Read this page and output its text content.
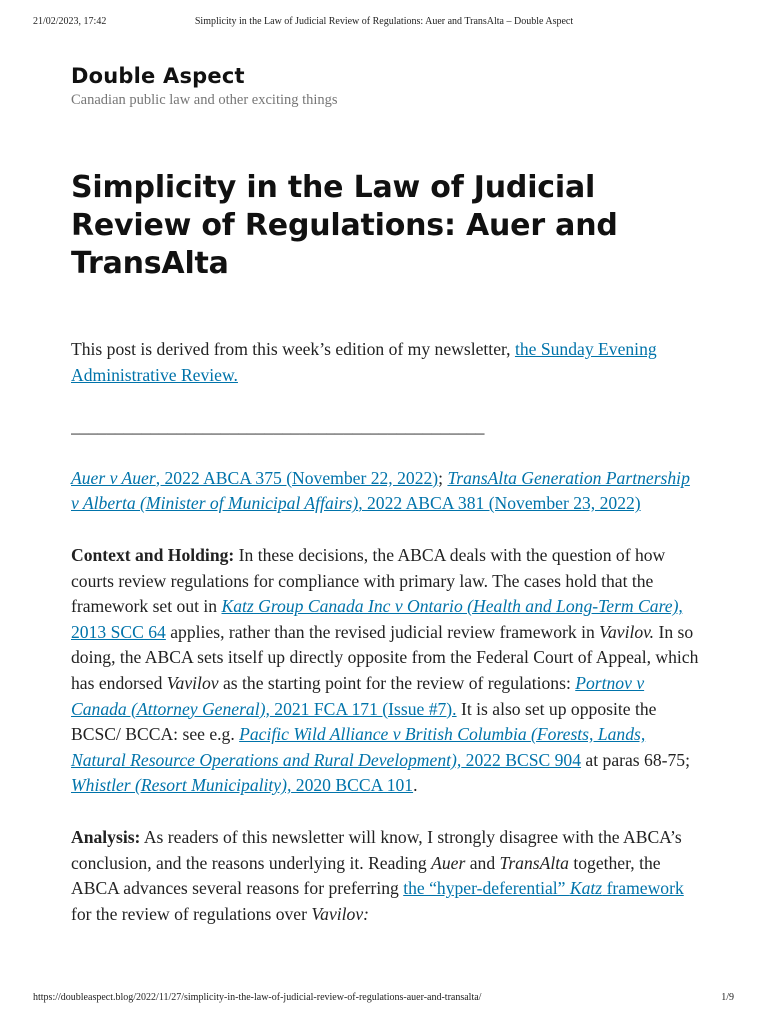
21/02/2023, 17:42	Simplicity in the Law of Judicial Review of Regulations: Auer and TransAlta – Double Aspect
Double Aspect
Canadian public law and other exciting things
Simplicity in the Law of Judicial Review of Regulations: Auer and TransAlta

This post is derived from this week’s edition of my newsletter, the Sunday Evening Administrative Review.

_______________________________________________

Auer v Auer, 2022 ABCA 375 (November 22, 2022); TransAlta Generation Partnership v Alberta (Minister of Municipal Affairs), 2022 ABCA 381 (November 23, 2022)

Context and Holding: In these decisions, the ABCA deals with the question of how courts review regulations for compliance with primary law. The cases hold that the framework set out in Katz Group Canada Inc v Ontario (Health and Long-Term Care), 2013 SCC 64 applies, rather than the revised judicial review framework in Vavilov. In so doing, the ABCA sets itself up directly opposite from the Federal Court of Appeal, which has endorsed Vavilov as the starting point for the review of regulations: Portnov v Canada (Attorney General), 2021 FCA 171 (Issue #7). It is also set up opposite the BCSC/ BCCA: see e.g. Pacific Wild Alliance v British Columbia (Forests, Lands, Natural Resource Operations and Rural Development), 2022 BCSC 904 at paras 68-75; Whistler (Resort Municipality), 2020 BCCA 101.

Analysis: As readers of this newsletter will know, I strongly disagree with the ABCA’s conclusion, and the reasons underlying it. Reading Auer and TransAlta together, the ABCA advances several reasons for preferring the “hyper-deferential” Katz framework for the review of regulations over Vavilov:

https://doubleaspect.blog/2022/11/27/simplicity-in-the-law-of-judicial-review-of-regulations-auer-and-transalta/	1/9
